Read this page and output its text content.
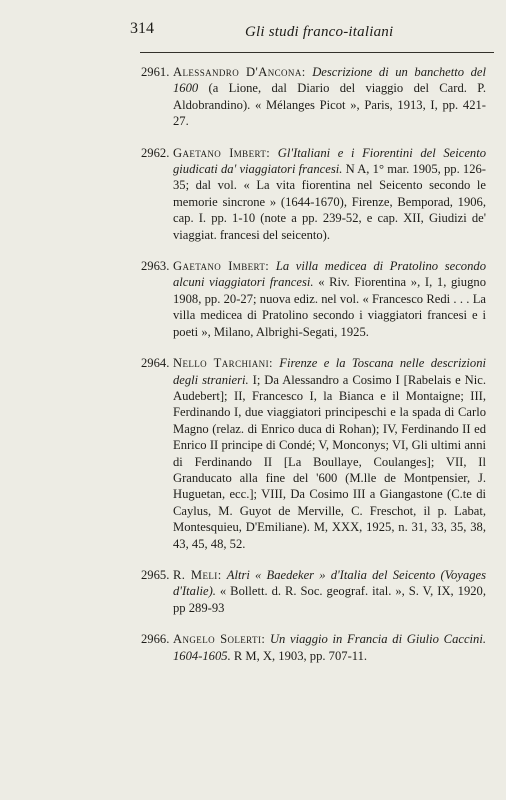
314	Gli studi franco-italiani
2961. Alessandro D'Ancona: Descrizione di un banchetto del 1600 (a Lione, dal Diario del viaggio del Card. P. Aldobrandino). « Mélanges Picot », Paris, 1913, I, pp. 421-27.
2962. Gaetano Imbert: Gl'Italiani e i Fiorentini del Seicento giudicati da' viaggiatori francesi. N A, 1° mar. 1905, pp. 126-35; dal vol. « La vita fiorentina nel Seicento secondo le memorie sincrone » (1644-1670), Firenze, Bemporad, 1906, cap. I. pp. 1-10 (note a pp. 239-52, e cap. XII, Giudizi de' viaggiat. francesi del seicento).
2963. Gaetano Imbert: La villa medicea di Pratolino secondo alcuni viaggiatori francesi. « Riv. Fiorentina », I, 1, giugno 1908, pp. 20-27; nuova ediz. nel vol. « Francesco Redi . . . La villa medicea di Pratolino secondo i viaggiatori francesi e i poeti », Milano, Albrighi-Segati, 1925.
2964. Nello Tarchiani: Firenze e la Toscana nelle descrizioni degli stranieri. I; Da Alessandro a Cosimo I [Rabelais e Nic. Audebert]; II, Francesco I, la Bianca e il Montaigne; III, Ferdinando I, due viaggiatori principeschi e la spada di Carlo Magno (relaz. di Enrico duca di Rohan); IV, Ferdinando II ed Enrico II principe di Condé; V, Monconys; VI, Gli ultimi anni di Ferdinando II [La Boullaye, Coulanges]; VII, Il Granducato alla fine del '600 (M.lle de Montpensier, J. Huguetan, ecc.]; VIII, Da Cosimo III a Giangastone (C.te di Caylus, M. Guyot de Merville, C. Freschot, il p. Labat, Montesquieu, D'Emiliane). M, XXX, 1925, n. 31, 33, 35, 38, 43, 45, 48, 52.
2965. R. Meli: Altri « Baedeker » d'Italia del Seicento (Voyages d'Italie). « Bollett. d. R. Soc. geograf. ital. », S. V, IX, 1920, pp 289-93
2966. Angelo Solerti: Un viaggio in Francia di Giulio Caccini. 1604-1605. R M, X, 1903, pp. 707-11.
